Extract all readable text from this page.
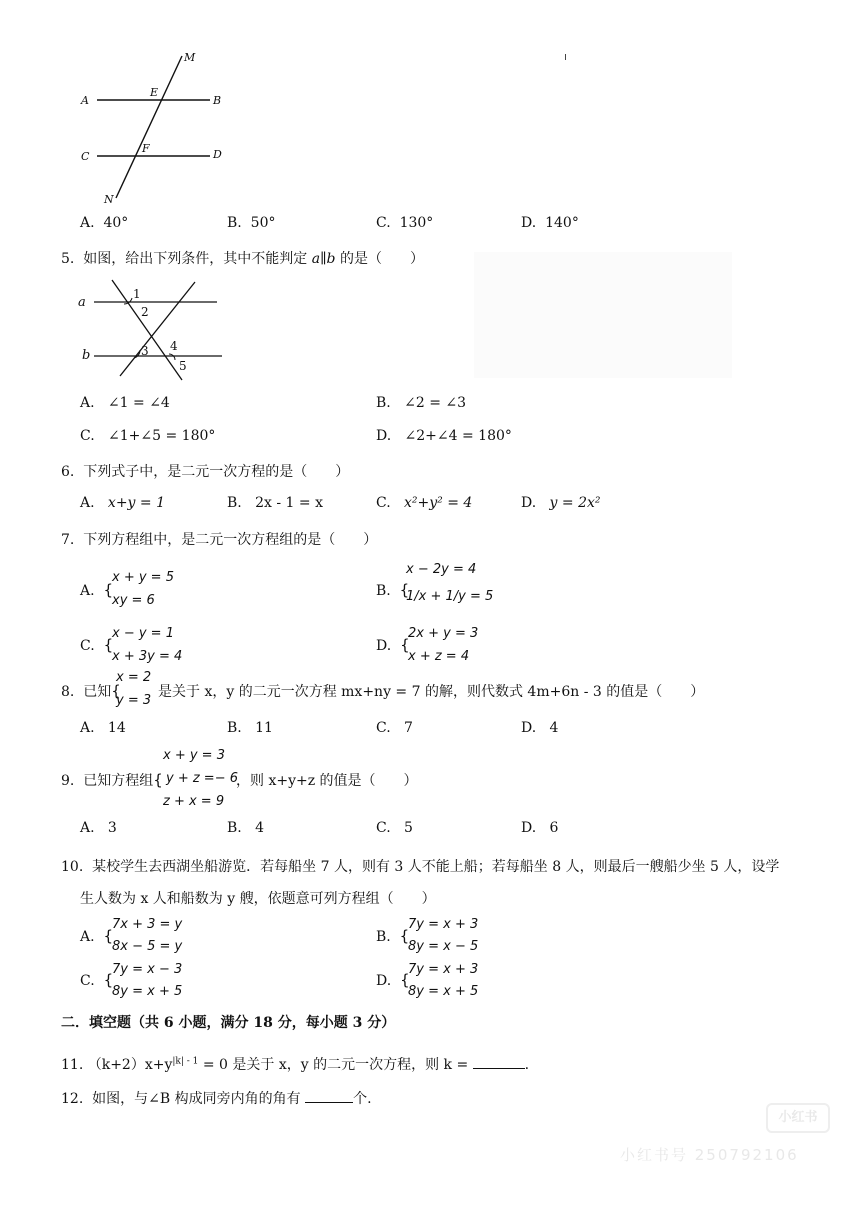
M
A
E
B
C
F	D
N
A. 40°	B. 50°	C. 130°	D. 140°
5. 如图，给出下列条件，其中不能判定 a∥b 的是（　　）
a
b
1
2
3 4
5
A. ∠1 = ∠4	B. ∠2 = ∠3
C. ∠1+∠5 = 180°	D. ∠2+∠4 = 180°
6. 下列式子中，是二元一次方程的是（　　）
A. x+y = 1	B. 2x - 1 = x	C. x²+y² = 4	D. y = 2x²
7. 下列方程组中，是二元一次方程组的是（　　）
A. {
x + y = 5
xy = 6
B. {
x − 2y = 4
1/x + 1/y = 5
C. {
x − y = 1
x + 3y = 4
D. {
2x + y = 3
x + z = 4
8. 已知{
x = 2
y = 3
是关于 x，y 的二元一次方程 mx+ny = 7 的解，则代数式 4m+6n - 3 的值是（　　）
A. 14	B. 11	C. 7	D. 4
x + y = 3
9. 已知方程组{ y + z =− 6
，则 x+y+z 的值是（　　）
z + x = 9
A. 3	B. 4	C. 5	D. 6
10. 某校学生去西湖坐船游览．若每船坐 7 人，则有 3 人不能上船；若每船坐 8 人，则最后一艘船少坐 5 人，设学
生人数为 x 人和船数为 y 艘，依题意可列方程组（　　）
A. {
7x + 3 = y
8x − 5 = y
B. {
7y = x + 3
8y = x − 5
C. {
7y = x − 3
8y = x + 5
D. {
7y = x + 3
8y = x + 5
二．填空题（共 6 小题，满分 18 分，每小题 3 分）
11. $(k+2)x+y^{|k| - 1} = 0$ 是关于 x，y 的二元一次方程，则 k =	.
12. 如图，与∠B 构成同旁内角的角有	个.
小红书
小红书号 250792106
